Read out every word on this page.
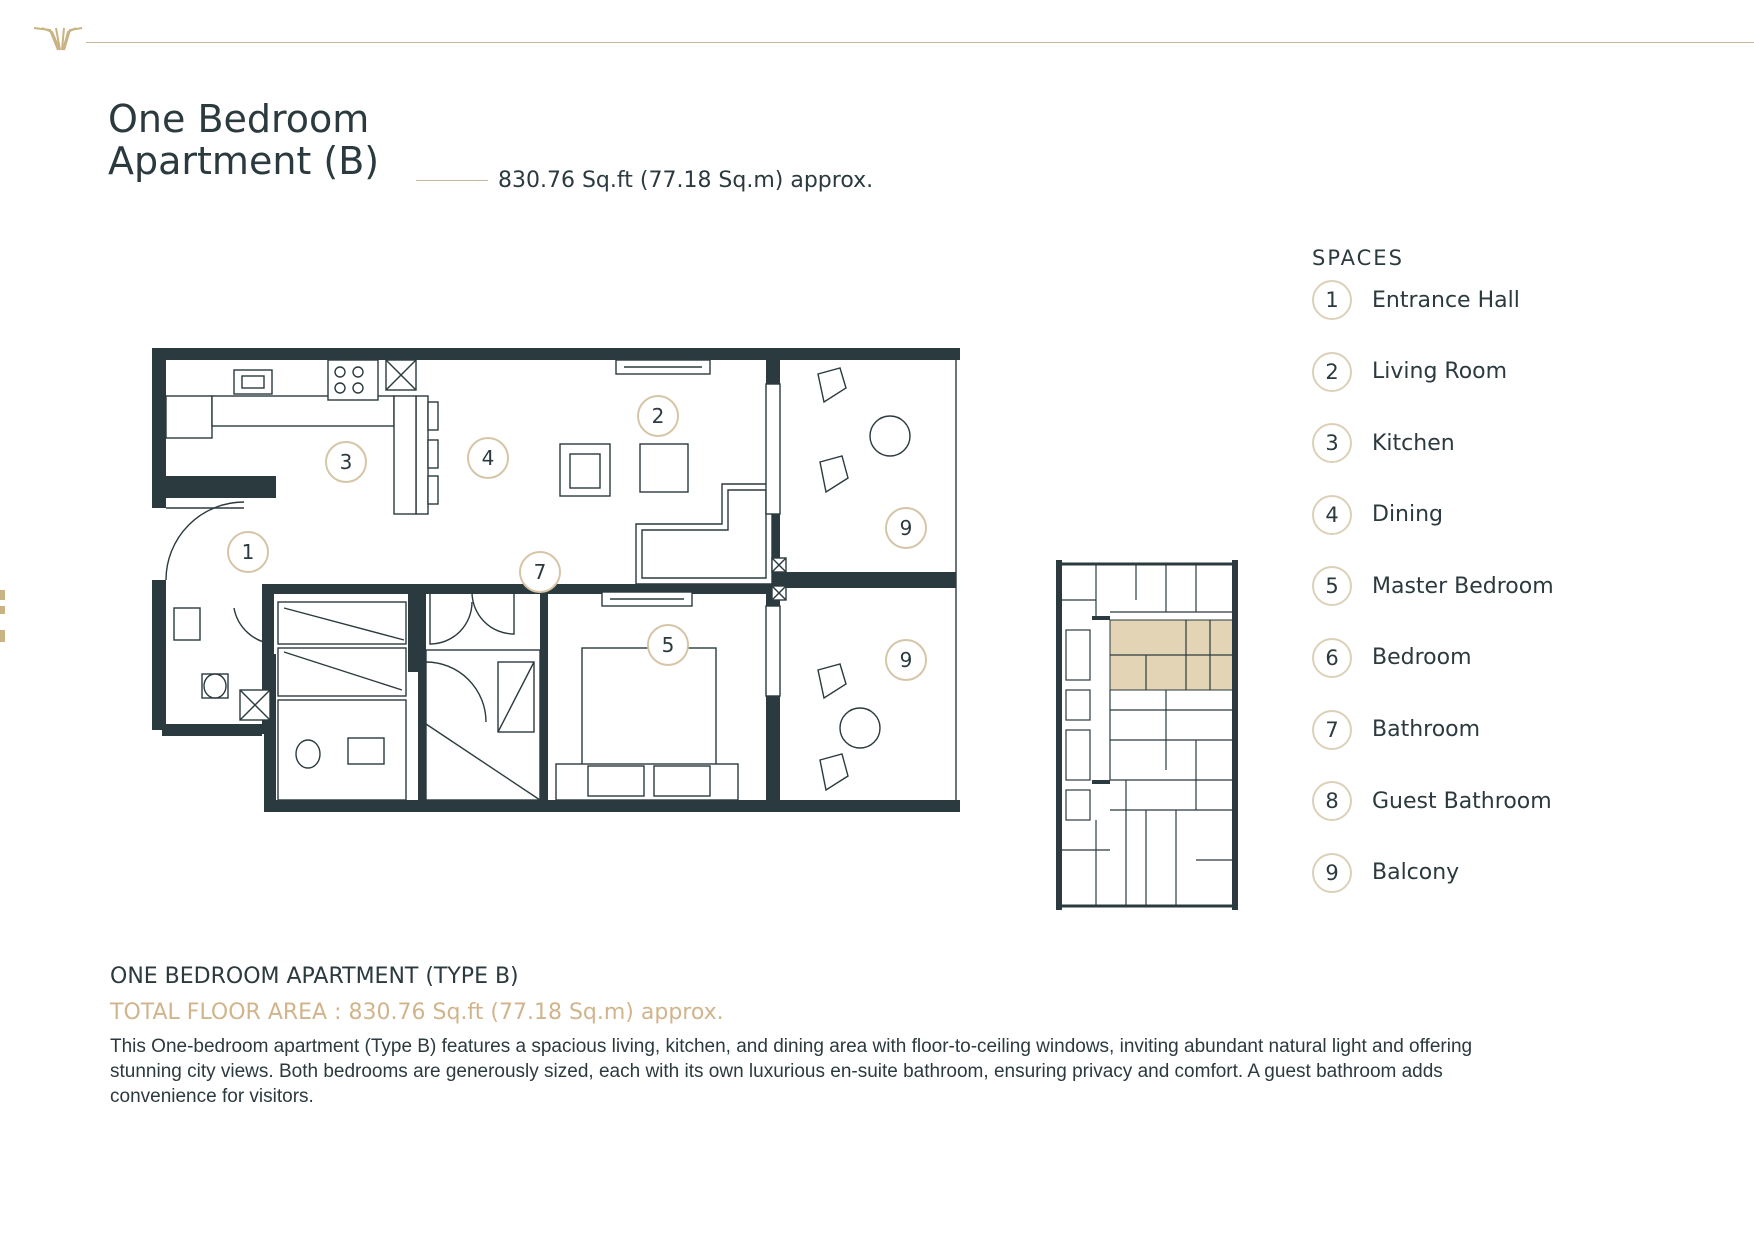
One Bedroom
Apartment (B)	830.76 Sq.ft (77.18 Sq.m) approx.
1
2
3	4
5
7
9
9
SPACES
1	Entrance Hall
2	Living Room
3	Kitchen
4	Dining
5	Master Bedroom
6	Bedroom
7	Bathroom
8	Guest Bathroom
9	Balcony
ONE BEDROOM APARTMENT (TYPE B)
TOTAL FLOOR AREA : 830.76 Sq.ft (77.18 Sq.m) approx.
This One-bedroom apartment (Type B) features a spacious living, kitchen, and dining area with floor-to-ceiling windows, inviting abundant natural light and offering stunning city views. Both bedrooms are generously sized, each with its own luxurious en-suite bathroom, ensuring privacy and comfort. A guest bathroom adds convenience for visitors.
